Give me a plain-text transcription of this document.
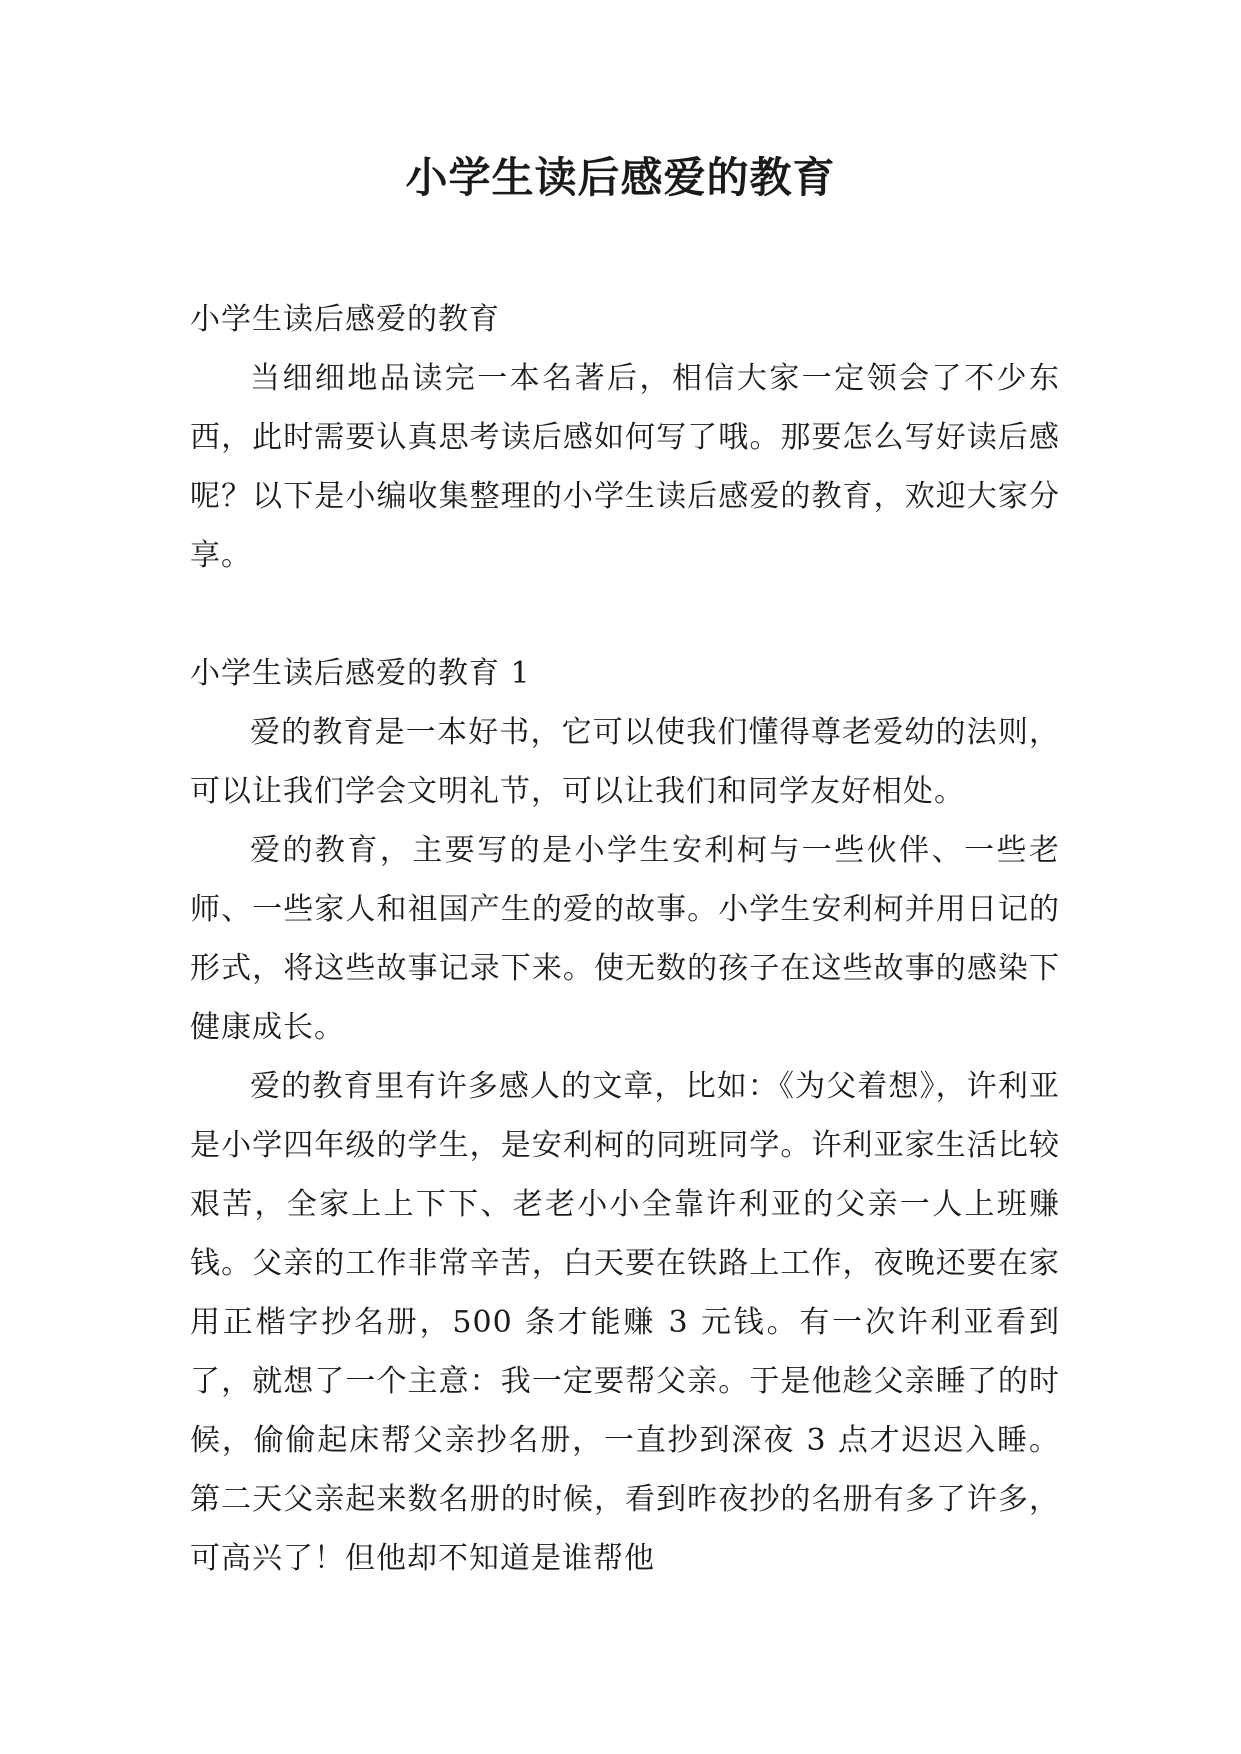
小学生读后感爱的教育

小学生读后感爱的教育

当细细地品读完一本名著后，相信大家一定领会了不少东西，此时需要认真思考读后感如何写了哦。那要怎么写好读后感呢？以下是小编收集整理的小学生读后感爱的教育，欢迎大家分享。

小学生读后感爱的教育 1

爱的教育是一本好书，它可以使我们懂得尊老爱幼的法则，可以让我们学会文明礼节，可以让我们和同学友好相处。

爱的教育，主要写的是小学生安利柯与一些伙伴、一些老师、一些家人和祖国产生的爱的故事。小学生安利柯并用日记的形式，将这些故事记录下来。使无数的孩子在这些故事的感染下健康成长。

爱的教育里有许多感人的文章，比如：《为父着想》，许利亚是小学四年级的学生，是安利柯的同班同学。许利亚家生活比较艰苦，全家上上下下、老老小小全靠许利亚的父亲一人上班赚钱。父亲的工作非常辛苦，白天要在铁路上工作，夜晚还要在家用正楷字抄名册，500 条才能赚 3 元钱。有一次许利亚看到了，就想了一个主意：我一定要帮父亲。于是他趁父亲睡了的时候，偷偷起床帮父亲抄名册，一直抄到深夜 3 点才迟迟入睡。第二天父亲起来数名册的时候，看到昨夜抄的名册有多了许多，可高兴了！但他却不知道是谁帮他
